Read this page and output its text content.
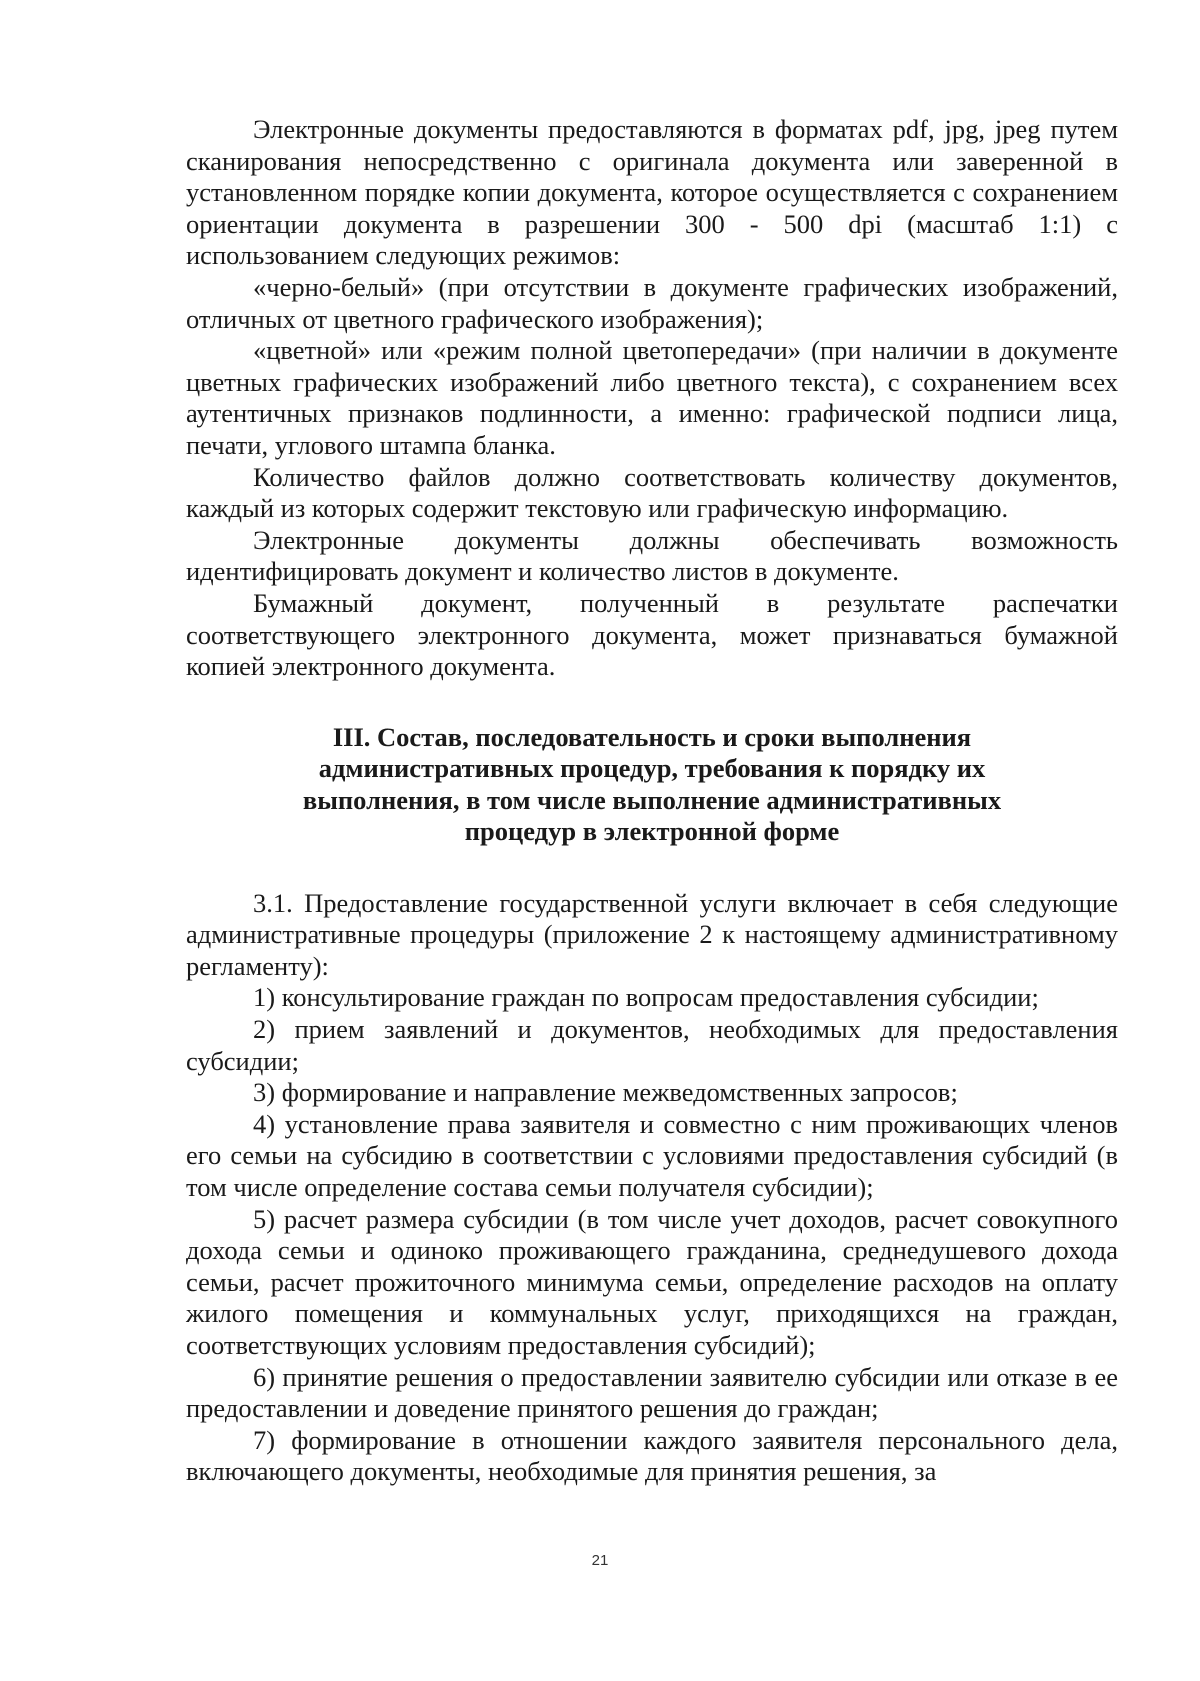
Электронные документы предоставляются в форматах pdf, jpg, jpeg путем сканирования непосредственно с оригинала документа или заверенной в установленном порядке копии документа, которое осуществляется с сохранением ориентации документа в разрешении 300 - 500 dpi (масштаб 1:1) с использованием следующих режимов:

«черно-белый» (при отсутствии в документе графических изображений, отличных от цветного графического изображения);

«цветной» или «режим полной цветопередачи» (при наличии в документе цветных графических изображений либо цветного текста), с сохранением всех аутентичных признаков подлинности, а именно: графической подписи лица, печати, углового штампа бланка.

Количество файлов должно соответствовать количеству документов, каждый из которых содержит текстовую или графическую информацию.

Электронные документы должны обеспечивать возможность идентифицировать документ и количество листов в документе.

Бумажный документ, полученный в результате распечатки соответствующего электронного документа, может признаваться бумажной копией электронного документа.

III. Состав, последовательность и сроки выполнения
административных процедур, требования к порядку их
выполнения, в том числе выполнение административных
процедур в электронной форме

3.1. Предоставление государственной услуги включает в себя следующие административные процедуры (приложение 2 к настоящему административному регламенту):

1) консультирование граждан по вопросам предоставления субсидии;

2) прием заявлений и документов, необходимых для предоставления субсидии;

3) формирование и направление межведомственных запросов;

4) установление права заявителя и совместно с ним проживающих членов его семьи на субсидию в соответствии с условиями предоставления субсидий (в том числе определение состава семьи получателя субсидии);

5) расчет размера субсидии (в том числе учет доходов, расчет совокупного дохода семьи и одиноко проживающего гражданина, среднедушевого дохода семьи, расчет прожиточного минимума семьи, определение расходов на оплату жилого помещения и коммунальных услуг, приходящихся на граждан, соответствующих условиям предоставления субсидий);

6) принятие решения о предоставлении заявителю субсидии или отказе в ее предоставлении и доведение принятого решения до граждан;

7) формирование в отношении каждого заявителя персонального дела, включающего документы, необходимые для принятия решения, за

21
